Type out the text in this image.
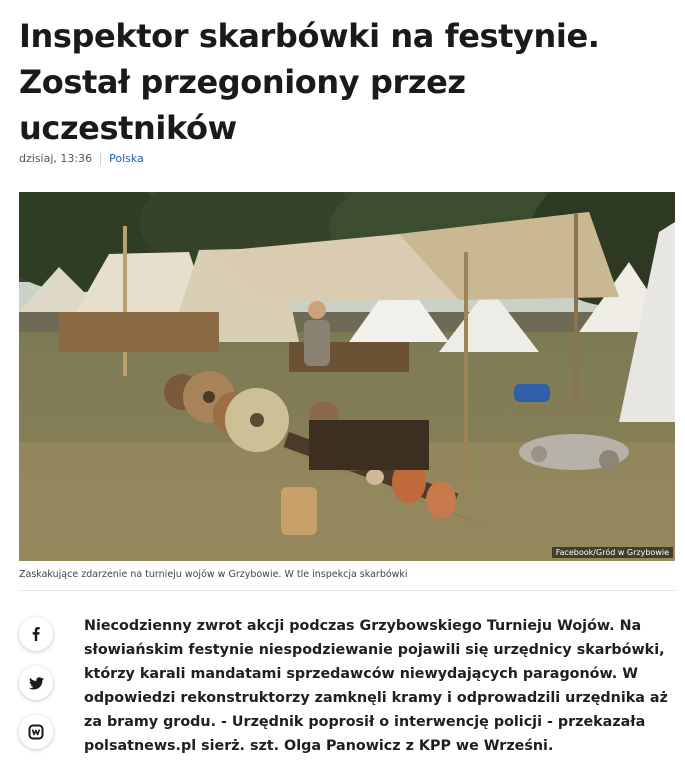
Inspektor skarbówki na festynie. Został przegoniony przez uczestników
dzisiaj, 13:36 Polska
Facebook/Gród w Grzybowie
Zaskakujące zdarzenie na turnieju wojów w Grzybowie. W tle inspekcja skarbówki

Niecodzienny zwrot akcji podczas Grzybowskiego Turnieju Wojów. Na słowiańskim festynie niespodziewanie pojawili się urzędnicy skarbówki, którzy karali mandatami sprzedawców niewydających paragonów. W odpowiedzi rekonstruktorzy zamknęli kramy i odprowadzili urzędnika aż za bramy grodu. - Urzędnik poprosił o interwencję policji - przekazała polsatnews.pl sierż. szt. Olga Panowicz z KPP we Wrześni.
